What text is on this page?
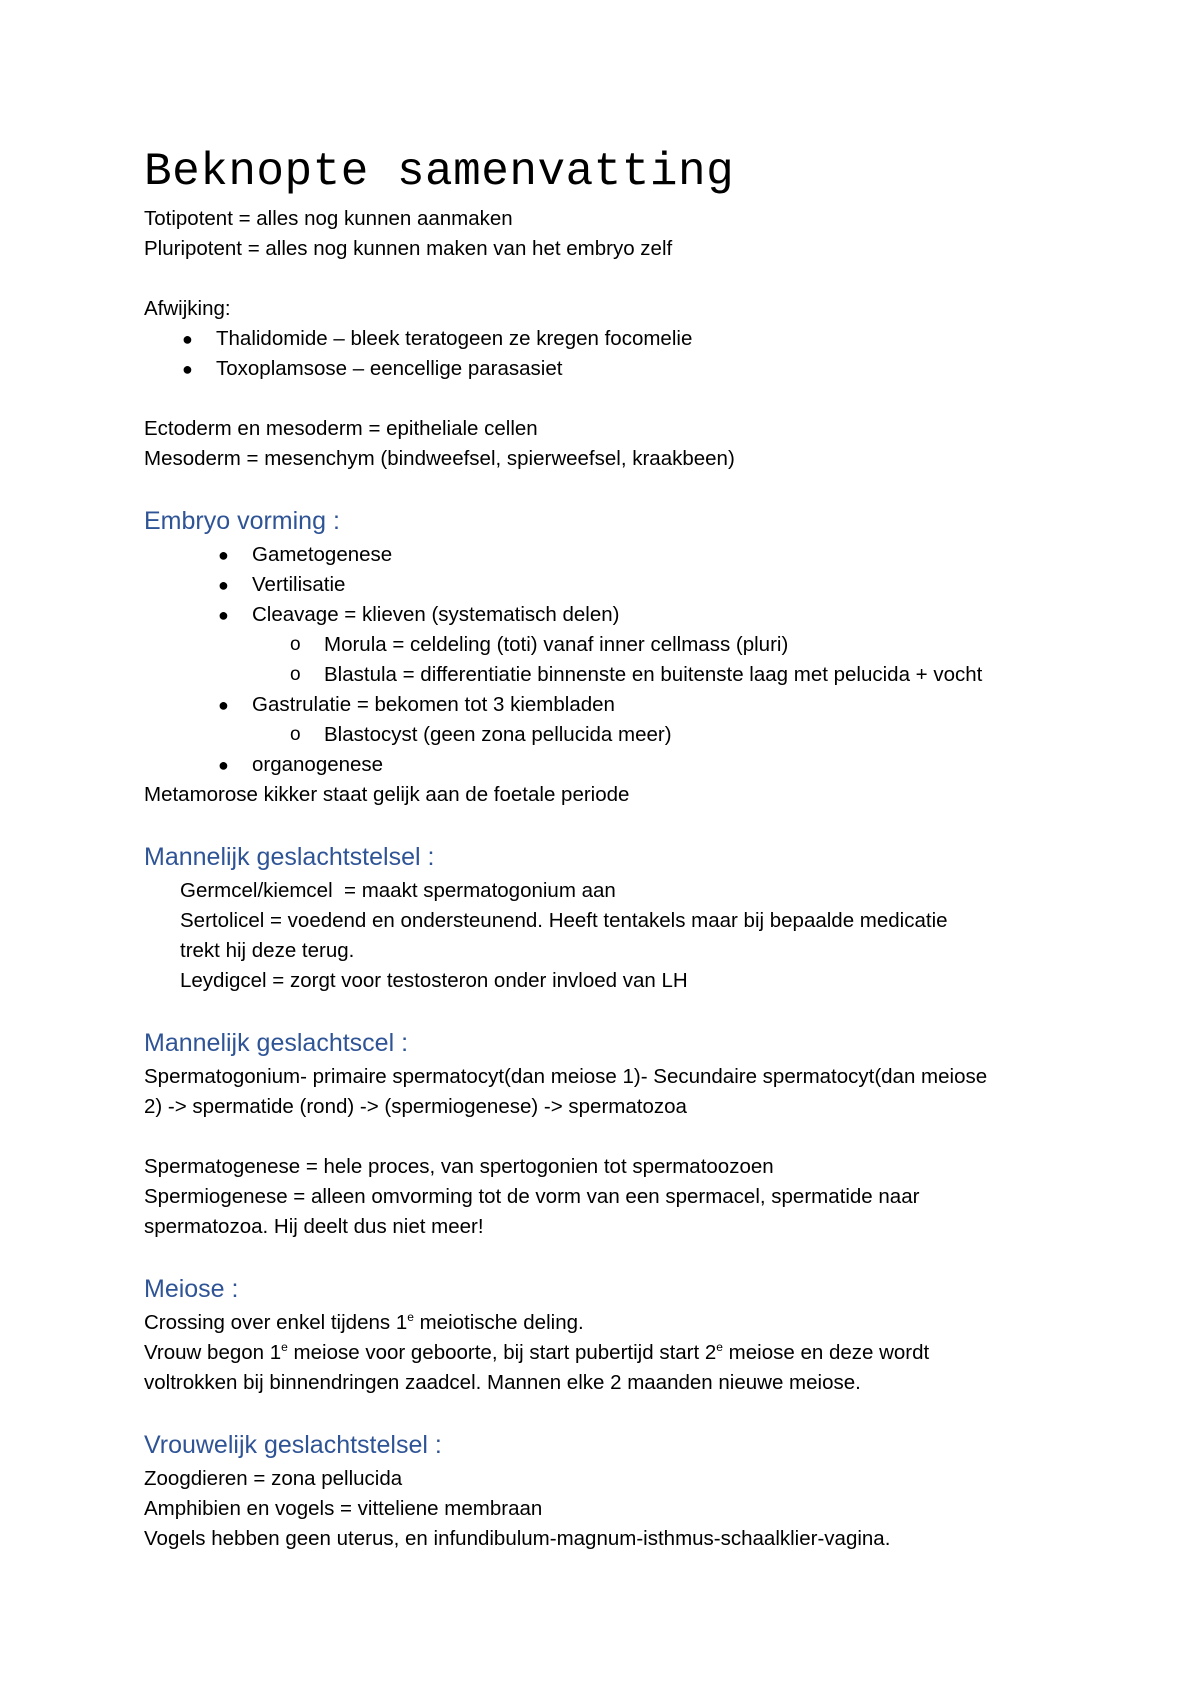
Beknopte samenvatting

Totipotent = alles nog kunnen aanmaken

Pluripotent = alles nog kunnen maken van het embryo zelf

Afwijking:

● Thalidomide – bleek teratogeen ze kregen focomelie
● Toxoplamsose – eencellige parasasiet

Ectoderm en mesoderm = epitheliale cellen

Mesoderm = mesenchym (bindweefsel, spierweefsel, kraakbeen)

Embryo vorming :
● Gametogenese
● Vertilisatie
● Cleavage = klieven (systematisch delen)
o Morula = celdeling (toti) vanaf inner cellmass (pluri)
o Blastula = differentiatie binnenste en buitenste laag met pelucida + vocht
● Gastrulatie = bekomen tot 3 kiembladen
o Blastocyst (geen zona pellucida meer)
● organogenese

Metamorose kikker staat gelijk aan de foetale periode

Mannelijk geslachtstelsel :

Germcel/kiemcel  = maakt spermatogonium aan

Sertolicel = voedend en ondersteunend. Heeft tentakels maar bij bepaalde medicatie

trekt hij deze terug.

Leydigcel = zorgt voor testosteron onder invloed van LH

Mannelijk geslachtscel :

Spermatogonium- primaire spermatocyt(dan meiose 1)- Secundaire spermatocyt(dan meiose

2) -> spermatide (rond) -> (spermiogenese) -> spermatozoa

Spermatogenese = hele proces, van spertogonien tot spermatoozoen

Spermiogenese = alleen omvorming tot de vorm van een spermacel, spermatide naar

spermatozoa. Hij deelt dus niet meer!

Meiose :

Crossing over enkel tijdens 1e meiotische deling.

Vrouw begon 1e meiose voor geboorte, bij start pubertijd start 2e meiose en deze wordt

voltrokken bij binnendringen zaadcel. Mannen elke 2 maanden nieuwe meiose.

Vrouwelijk geslachtstelsel :

Zoogdieren = zona pellucida

Amphibien en vogels = vitteliene membraan

Vogels hebben geen uterus, en infundibulum-magnum-isthmus-schaalklier-vagina.
